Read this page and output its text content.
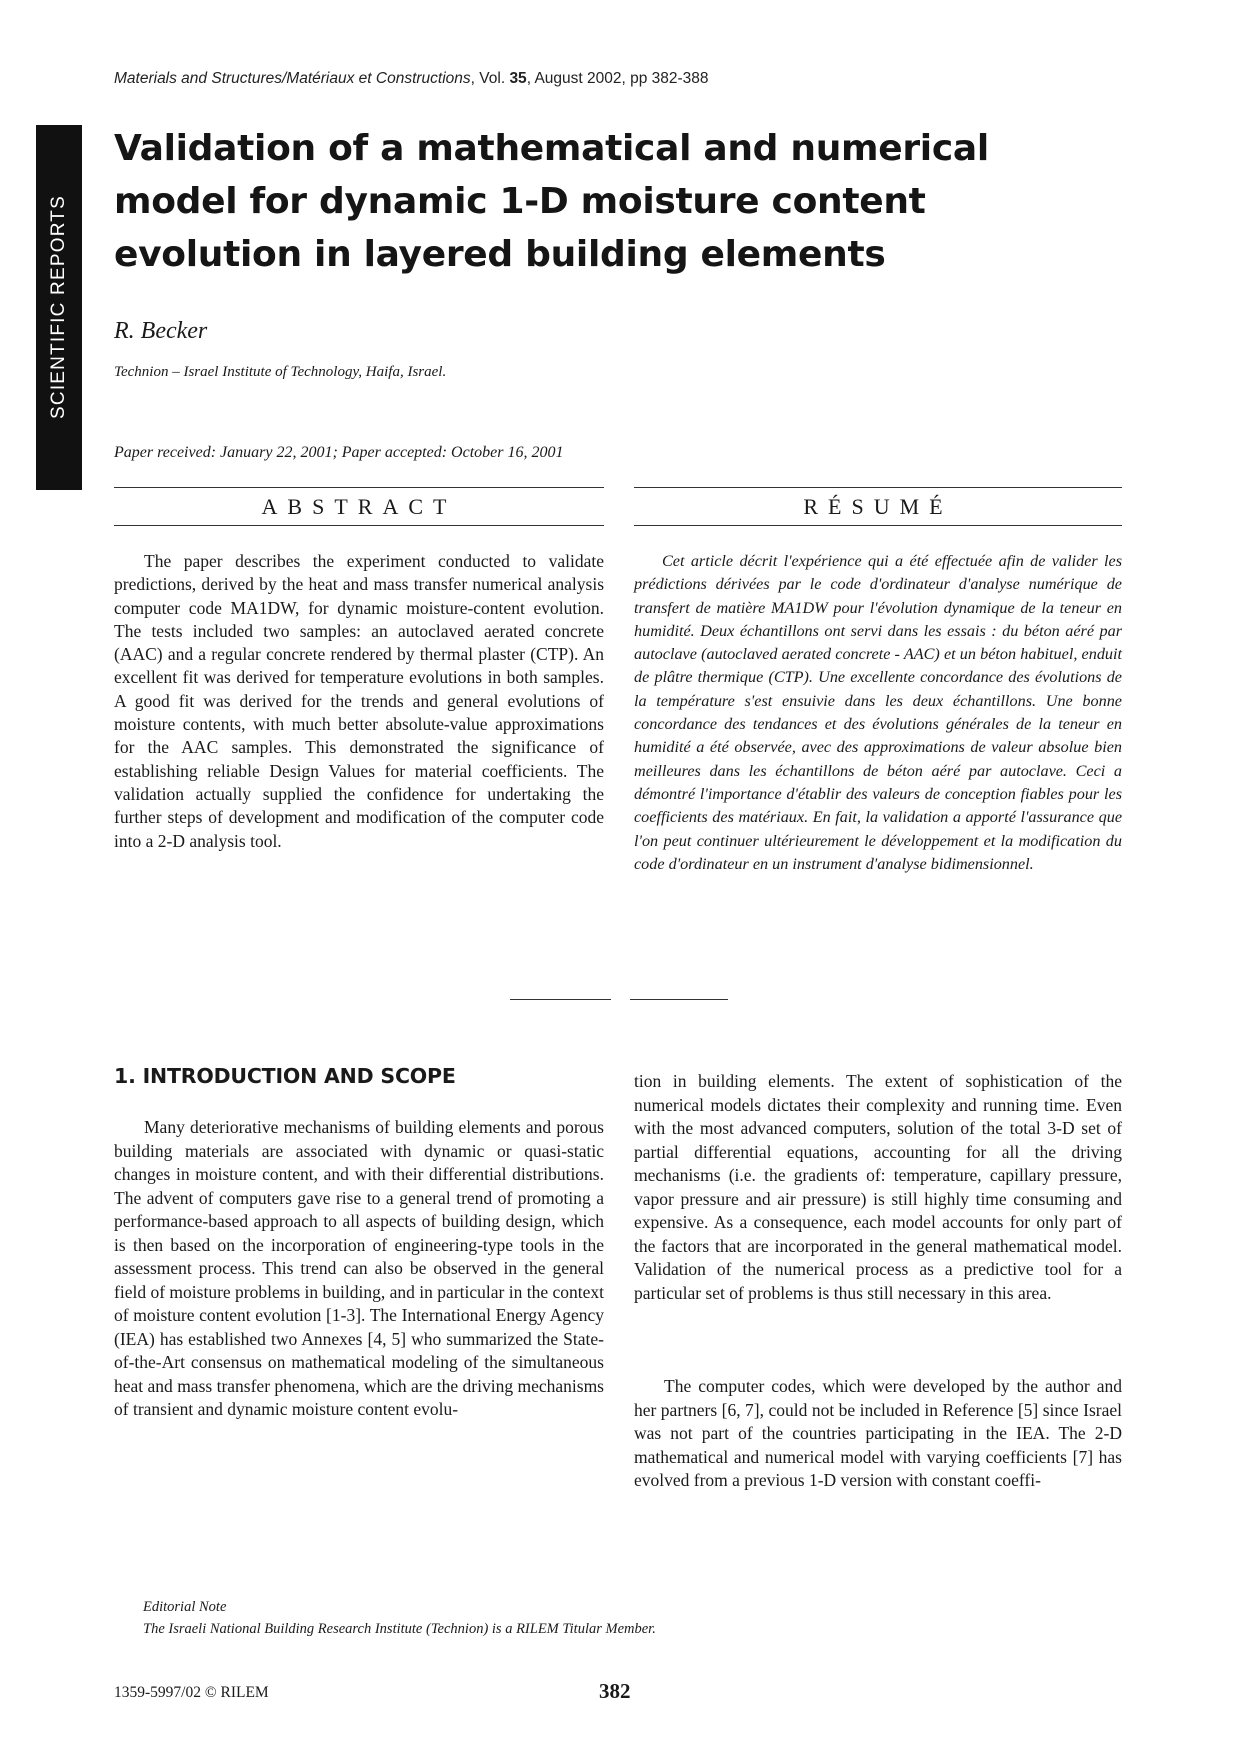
Materials and Structures/Matériaux et Constructions, Vol. 35, August 2002, pp 382-388
SCIENTIFIC REPORTS
Validation of a mathematical and numerical model for dynamic 1-D moisture content evolution in layered building elements
R. Becker
Technion – Israel Institute of Technology, Haifa, Israel.
Paper received: January 22, 2001; Paper accepted: October 16, 2001
ABSTRACT	RÉSUMÉ

The paper describes the experiment conducted to validate predictions, derived by the heat and mass transfer numerical analysis computer code MA1DW, for dynamic moisture-content evolution. The tests included two samples: an autoclaved aerated concrete (AAC) and a regular concrete rendered by thermal plaster (CTP). An excellent fit was derived for temperature evolutions in both samples. A good fit was derived for the trends and general evolutions of moisture contents, with much better absolute-value approximations for the AAC samples. This demonstrated the significance of establishing reliable Design Values for material coefficients. The validation actually supplied the confidence for undertaking the further steps of development and modification of the computer code into a 2-D analysis tool.

Cet article décrit l'expérience qui a été effectuée afin de valider les prédictions dérivées par le code d'ordinateur d'analyse numérique de transfert de matière MA1DW pour l'évolution dynamique de la teneur en humidité. Deux échantillons ont servi dans les essais : du béton aéré par autoclave (autoclaved aerated concrete - AAC) et un béton habituel, enduit de plâtre thermique (CTP). Une excellente concordance des évolutions de la température s'est ensuivie dans les deux échantillons. Une bonne concordance des tendances et des évolutions générales de la teneur en humidité a été observée, avec des approximations de valeur absolue bien meilleures dans les échantillons de béton aéré par autoclave. Ceci a démontré l'importance d'établir des valeurs de conception fiables pour les coefficients des matériaux. En fait, la validation a apporté l'assurance que l'on peut continuer ultérieurement le développement et la modification du code d'ordinateur en un instrument d'analyse bidimensionnel.

1. INTRODUCTION AND SCOPE

Many deteriorative mechanisms of building elements and porous building materials are associated with dynamic or quasi-static changes in moisture content, and with their differential distributions. The advent of computers gave rise to a general trend of promoting a performance-based approach to all aspects of building design, which is then based on the incorporation of engineering-type tools in the assessment process. This trend can also be observed in the general field of moisture problems in building, and in particular in the context of moisture content evolution [1-3]. The International Energy Agency (IEA) has established two Annexes [4, 5] who summarized the State-of-the-Art consensus on mathematical modeling of the simultaneous heat and mass transfer phenomena, which are the driving mechanisms of transient and dynamic moisture content evolu-

tion in building elements. The extent of sophistication of the numerical models dictates their complexity and running time. Even with the most advanced computers, solution of the total 3-D set of partial differential equations, accounting for all the driving mechanisms (i.e. the gradients of: temperature, capillary pressure, vapor pressure and air pressure) is still highly time consuming and expensive. As a consequence, each model accounts for only part of the factors that are incorporated in the general mathematical model. Validation of the numerical process as a predictive tool for a particular set of problems is thus still necessary in this area.

The computer codes, which were developed by the author and her partners [6, 7], could not be included in Reference [5] since Israel was not part of the countries participating in the IEA. The 2-D mathematical and numerical model with varying coefficients [7] has evolved from a previous 1-D version with constant coeffi-

Editorial Note
The Israeli National Building Research Institute (Technion) is a RILEM Titular Member.
1359-5997/02 © RILEM	382
